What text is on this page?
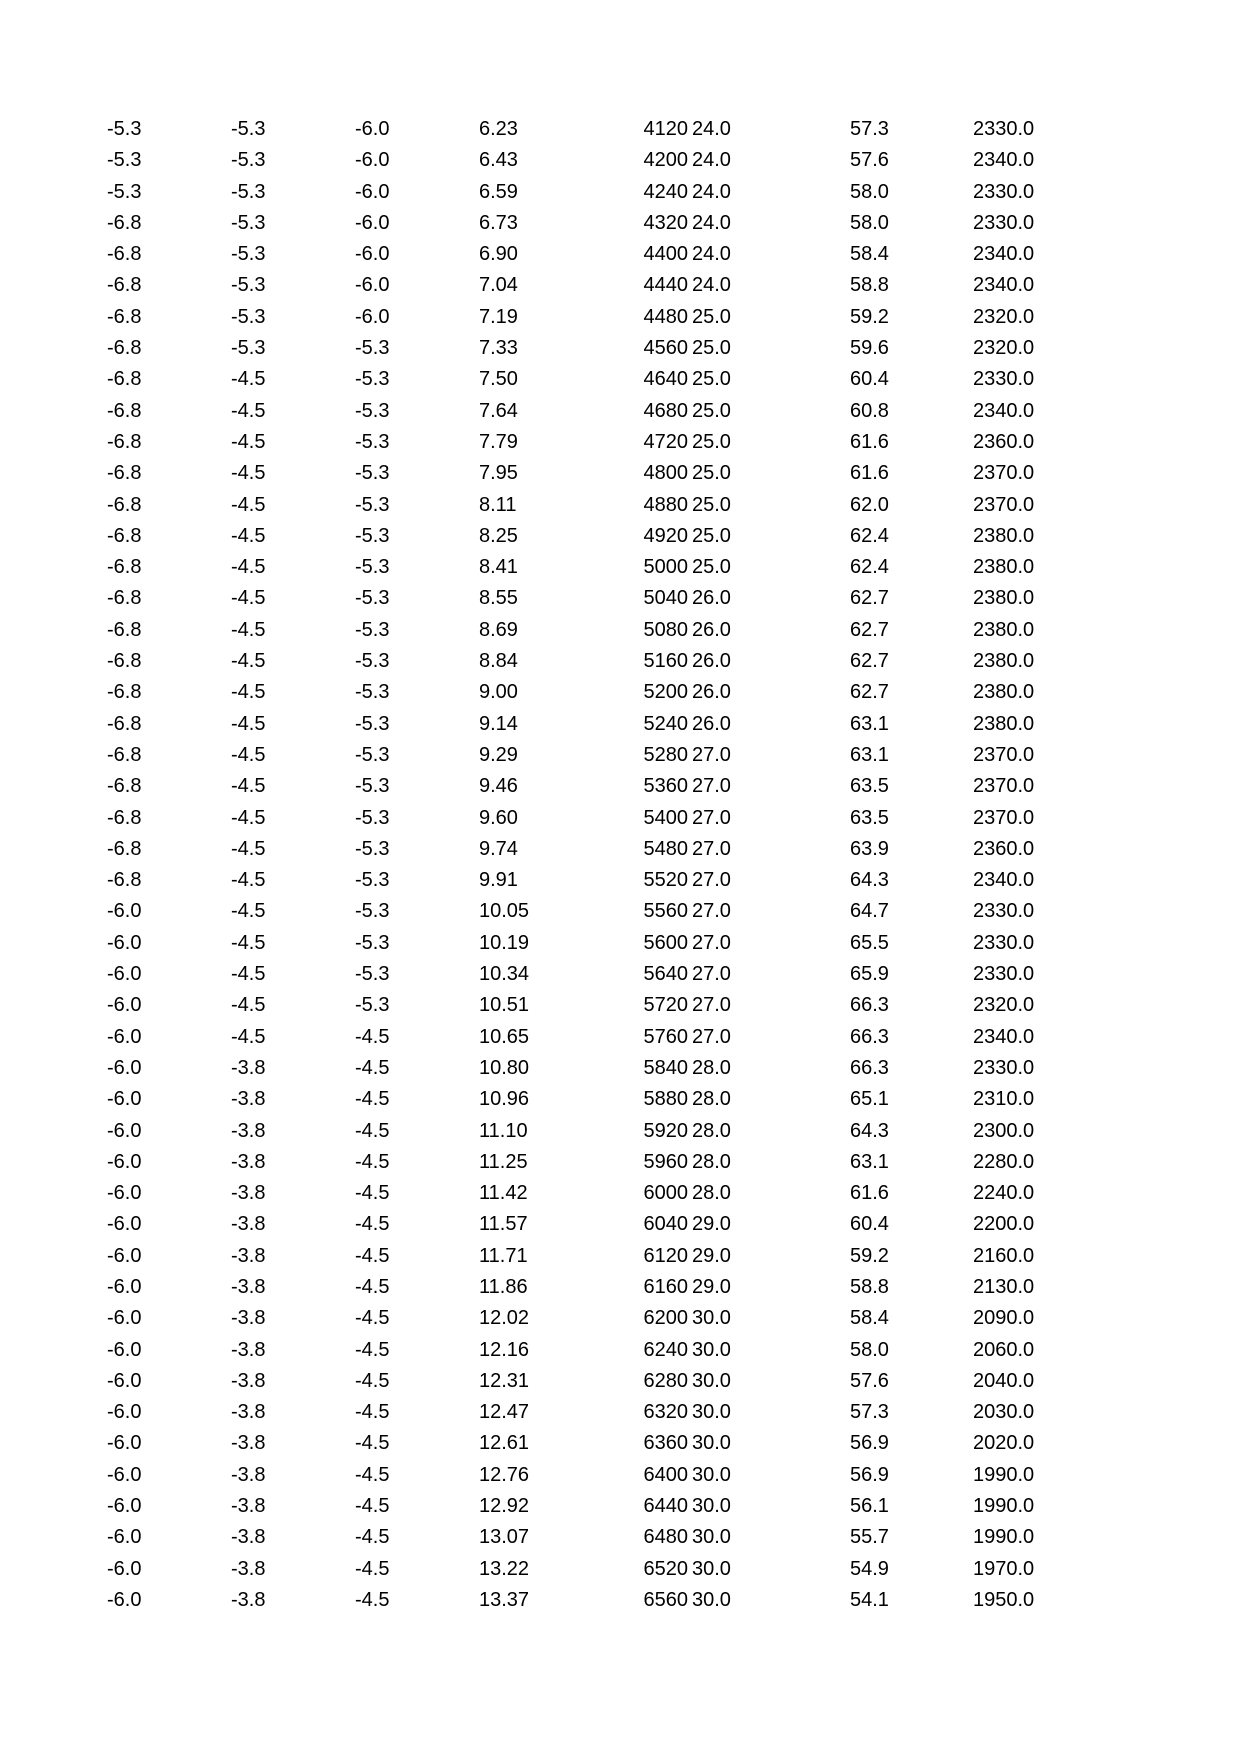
-5.3	-5.3	-6.0	6.23	4120 24.0	57.3	2330.0
-5.3	-5.3	-6.0	6.43	4200 24.0	57.6	2340.0
-5.3	-5.3	-6.0	6.59	4240 24.0	58.0	2330.0
-6.8	-5.3	-6.0	6.73	4320 24.0	58.0	2330.0
-6.8	-5.3	-6.0	6.90	4400 24.0	58.4	2340.0
-6.8	-5.3	-6.0	7.04	4440 24.0	58.8	2340.0
-6.8	-5.3	-6.0	7.19	4480 25.0	59.2	2320.0
-6.8	-5.3	-5.3	7.33	4560 25.0	59.6	2320.0
-6.8	-4.5	-5.3	7.50	4640 25.0	60.4	2330.0
-6.8	-4.5	-5.3	7.64	4680 25.0	60.8	2340.0
-6.8	-4.5	-5.3	7.79	4720 25.0	61.6	2360.0
-6.8	-4.5	-5.3	7.95	4800 25.0	61.6	2370.0
-6.8	-4.5	-5.3	8.11	4880 25.0	62.0	2370.0
-6.8	-4.5	-5.3	8.25	4920 25.0	62.4	2380.0
-6.8	-4.5	-5.3	8.41	5000 25.0	62.4	2380.0
-6.8	-4.5	-5.3	8.55	5040 26.0	62.7	2380.0
-6.8	-4.5	-5.3	8.69	5080 26.0	62.7	2380.0
-6.8	-4.5	-5.3	8.84	5160 26.0	62.7	2380.0
-6.8	-4.5	-5.3	9.00	5200 26.0	62.7	2380.0
-6.8	-4.5	-5.3	9.14	5240 26.0	63.1	2380.0
-6.8	-4.5	-5.3	9.29	5280 27.0	63.1	2370.0
-6.8	-4.5	-5.3	9.46	5360 27.0	63.5	2370.0
-6.8	-4.5	-5.3	9.60	5400 27.0	63.5	2370.0
-6.8	-4.5	-5.3	9.74	5480 27.0	63.9	2360.0
-6.8	-4.5	-5.3	9.91	5520 27.0	64.3	2340.0
-6.0	-4.5	-5.3	10.05	5560 27.0	64.7	2330.0
-6.0	-4.5	-5.3	10.19	5600 27.0	65.5	2330.0
-6.0	-4.5	-5.3	10.34	5640 27.0	65.9	2330.0
-6.0	-4.5	-5.3	10.51	5720 27.0	66.3	2320.0
-6.0	-4.5	-4.5	10.65	5760 27.0	66.3	2340.0
-6.0	-3.8	-4.5	10.80	5840 28.0	66.3	2330.0
-6.0	-3.8	-4.5	10.96	5880 28.0	65.1	2310.0
-6.0	-3.8	-4.5	11.10	5920 28.0	64.3	2300.0
-6.0	-3.8	-4.5	11.25	5960 28.0	63.1	2280.0
-6.0	-3.8	-4.5	11.42	6000 28.0	61.6	2240.0
-6.0	-3.8	-4.5	11.57	6040 29.0	60.4	2200.0
-6.0	-3.8	-4.5	11.71	6120 29.0	59.2	2160.0
-6.0	-3.8	-4.5	11.86	6160 29.0	58.8	2130.0
-6.0	-3.8	-4.5	12.02	6200 30.0	58.4	2090.0
-6.0	-3.8	-4.5	12.16	6240 30.0	58.0	2060.0
-6.0	-3.8	-4.5	12.31	6280 30.0	57.6	2040.0
-6.0	-3.8	-4.5	12.47	6320 30.0	57.3	2030.0
-6.0	-3.8	-4.5	12.61	6360 30.0	56.9	2020.0
-6.0	-3.8	-4.5	12.76	6400 30.0	56.9	1990.0
-6.0	-3.8	-4.5	12.92	6440 30.0	56.1	1990.0
-6.0	-3.8	-4.5	13.07	6480 30.0	55.7	1990.0
-6.0	-3.8	-4.5	13.22	6520 30.0	54.9	1970.0
-6.0	-3.8	-4.5	13.37	6560 30.0	54.1	1950.0
